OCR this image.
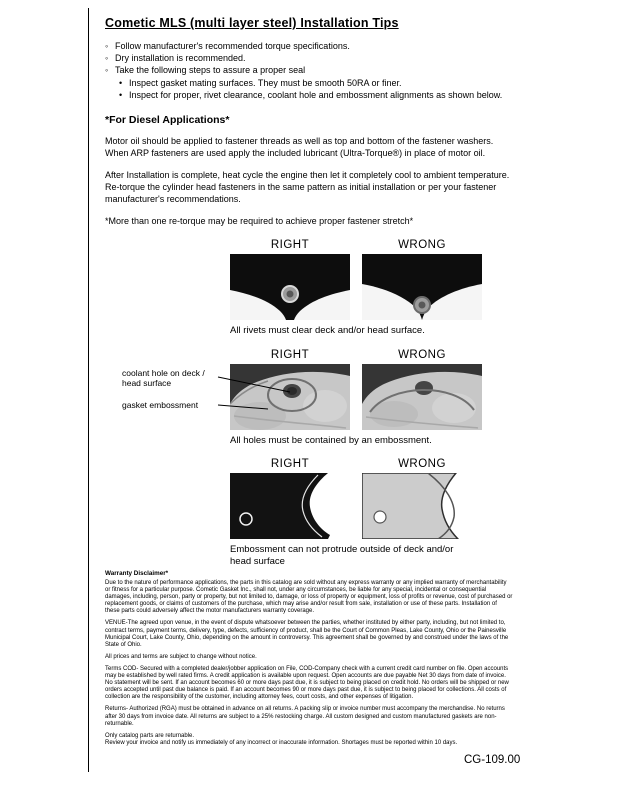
Cometic MLS (multi layer steel) Installation Tips
◦
Follow manufacturer's recommended torque specifications.
◦
Dry installation is recommended.
◦
Take the following steps to assure a proper seal
•
Inspect gasket mating surfaces. They must be smooth 50RA or finer.
•
Inspect for proper, rivet clearance, coolant hole and embossment alignments as shown below.
*For Diesel Applications*

Motor oil should be applied to fastener threads as well as top and bottom of the fastener washers. When ARP fasteners are used apply the included lubricant (Ultra-Torque®) in place of motor oil.

After Installation is complete, heat cycle the engine then let it completely cool to ambient temperature. Re-torque the cylinder head fasteners in the same pattern as initial installation or per your fastener manufacturer's recommendations.

*More than one re-torque may be required to achieve proper fastener stretch*

RIGHT	WRONG
All rivets must clear deck and/or head surface.
RIGHT	WRONG
coolant hole on deck / head surface
gasket embossment
All holes must be contained by an embossment.
RIGHT	WRONG
Embossment can not protrude outside of deck and/or head surface
Warranty Disclaimer*

Due to the nature of performance applications, the parts in this catalog are sold without any express warranty or any implied warranty of merchantability or fitness for a particular purpose. Cometic Gasket Inc., shall not, under any circumstances, be liable for any special, incidental or consequential damages, including, person, party or property, but not limited to, damage, or loss of property or equipment, loss of profits or revenue, cost of purchased or replacement goods, or claims of customers of the purchase, which may arise and/or result from sale, installation or use of these parts. Installation of these parts could adversely affect the motor manufacturers warranty coverage.

VENUE-The agreed upon venue, in the event of dispute whatsoever between the parties, whether instituted by either party, including, but not limited to, contract terms, payment terms, delivery, type, defects, sufficiency of product, shall be the Court of Common Pleas, Lake County, Ohio or the Painesville Municipal Court, Lake County, Ohio, depending on the amount in controversy. This agreement shall be governed by and construed under the laws of the State of Ohio.

All prices and terms are subject to change without notice.

Terms COD- Secured with a completed dealer/jobber application on File, COD-Company check with a current credit card number on file. Open accounts may be established by well rated firms. A credit application is available upon request. Open accounts are due payable Net 30 days from date of invoice. No statement will be sent. If an account becomes 60 or more days past due, it is subject to being placed on credit hold. No orders will be shipped or new orders accepted until past due balance is paid. If an account becomes 90 or more days past due, it is subject to being placed for collections. All costs of collection are the responsibility of the customer, including attorney fees, court costs, and other expenses of litigation.

Returns- Authorized (RGA) must be obtained in advance on all returns. A packing slip or invoice number must accompany the merchandise. No returns after 30 days from invoice date. All returns are subject to a 25% restocking charge. All custom designed and custom manufactured gaskets are non-returnable.

Only catalog parts are returnable.

Review your invoice and notify us immediately of any incorrect or inaccurate information. Shortages must be reported within 10 days.

CG-109.00
